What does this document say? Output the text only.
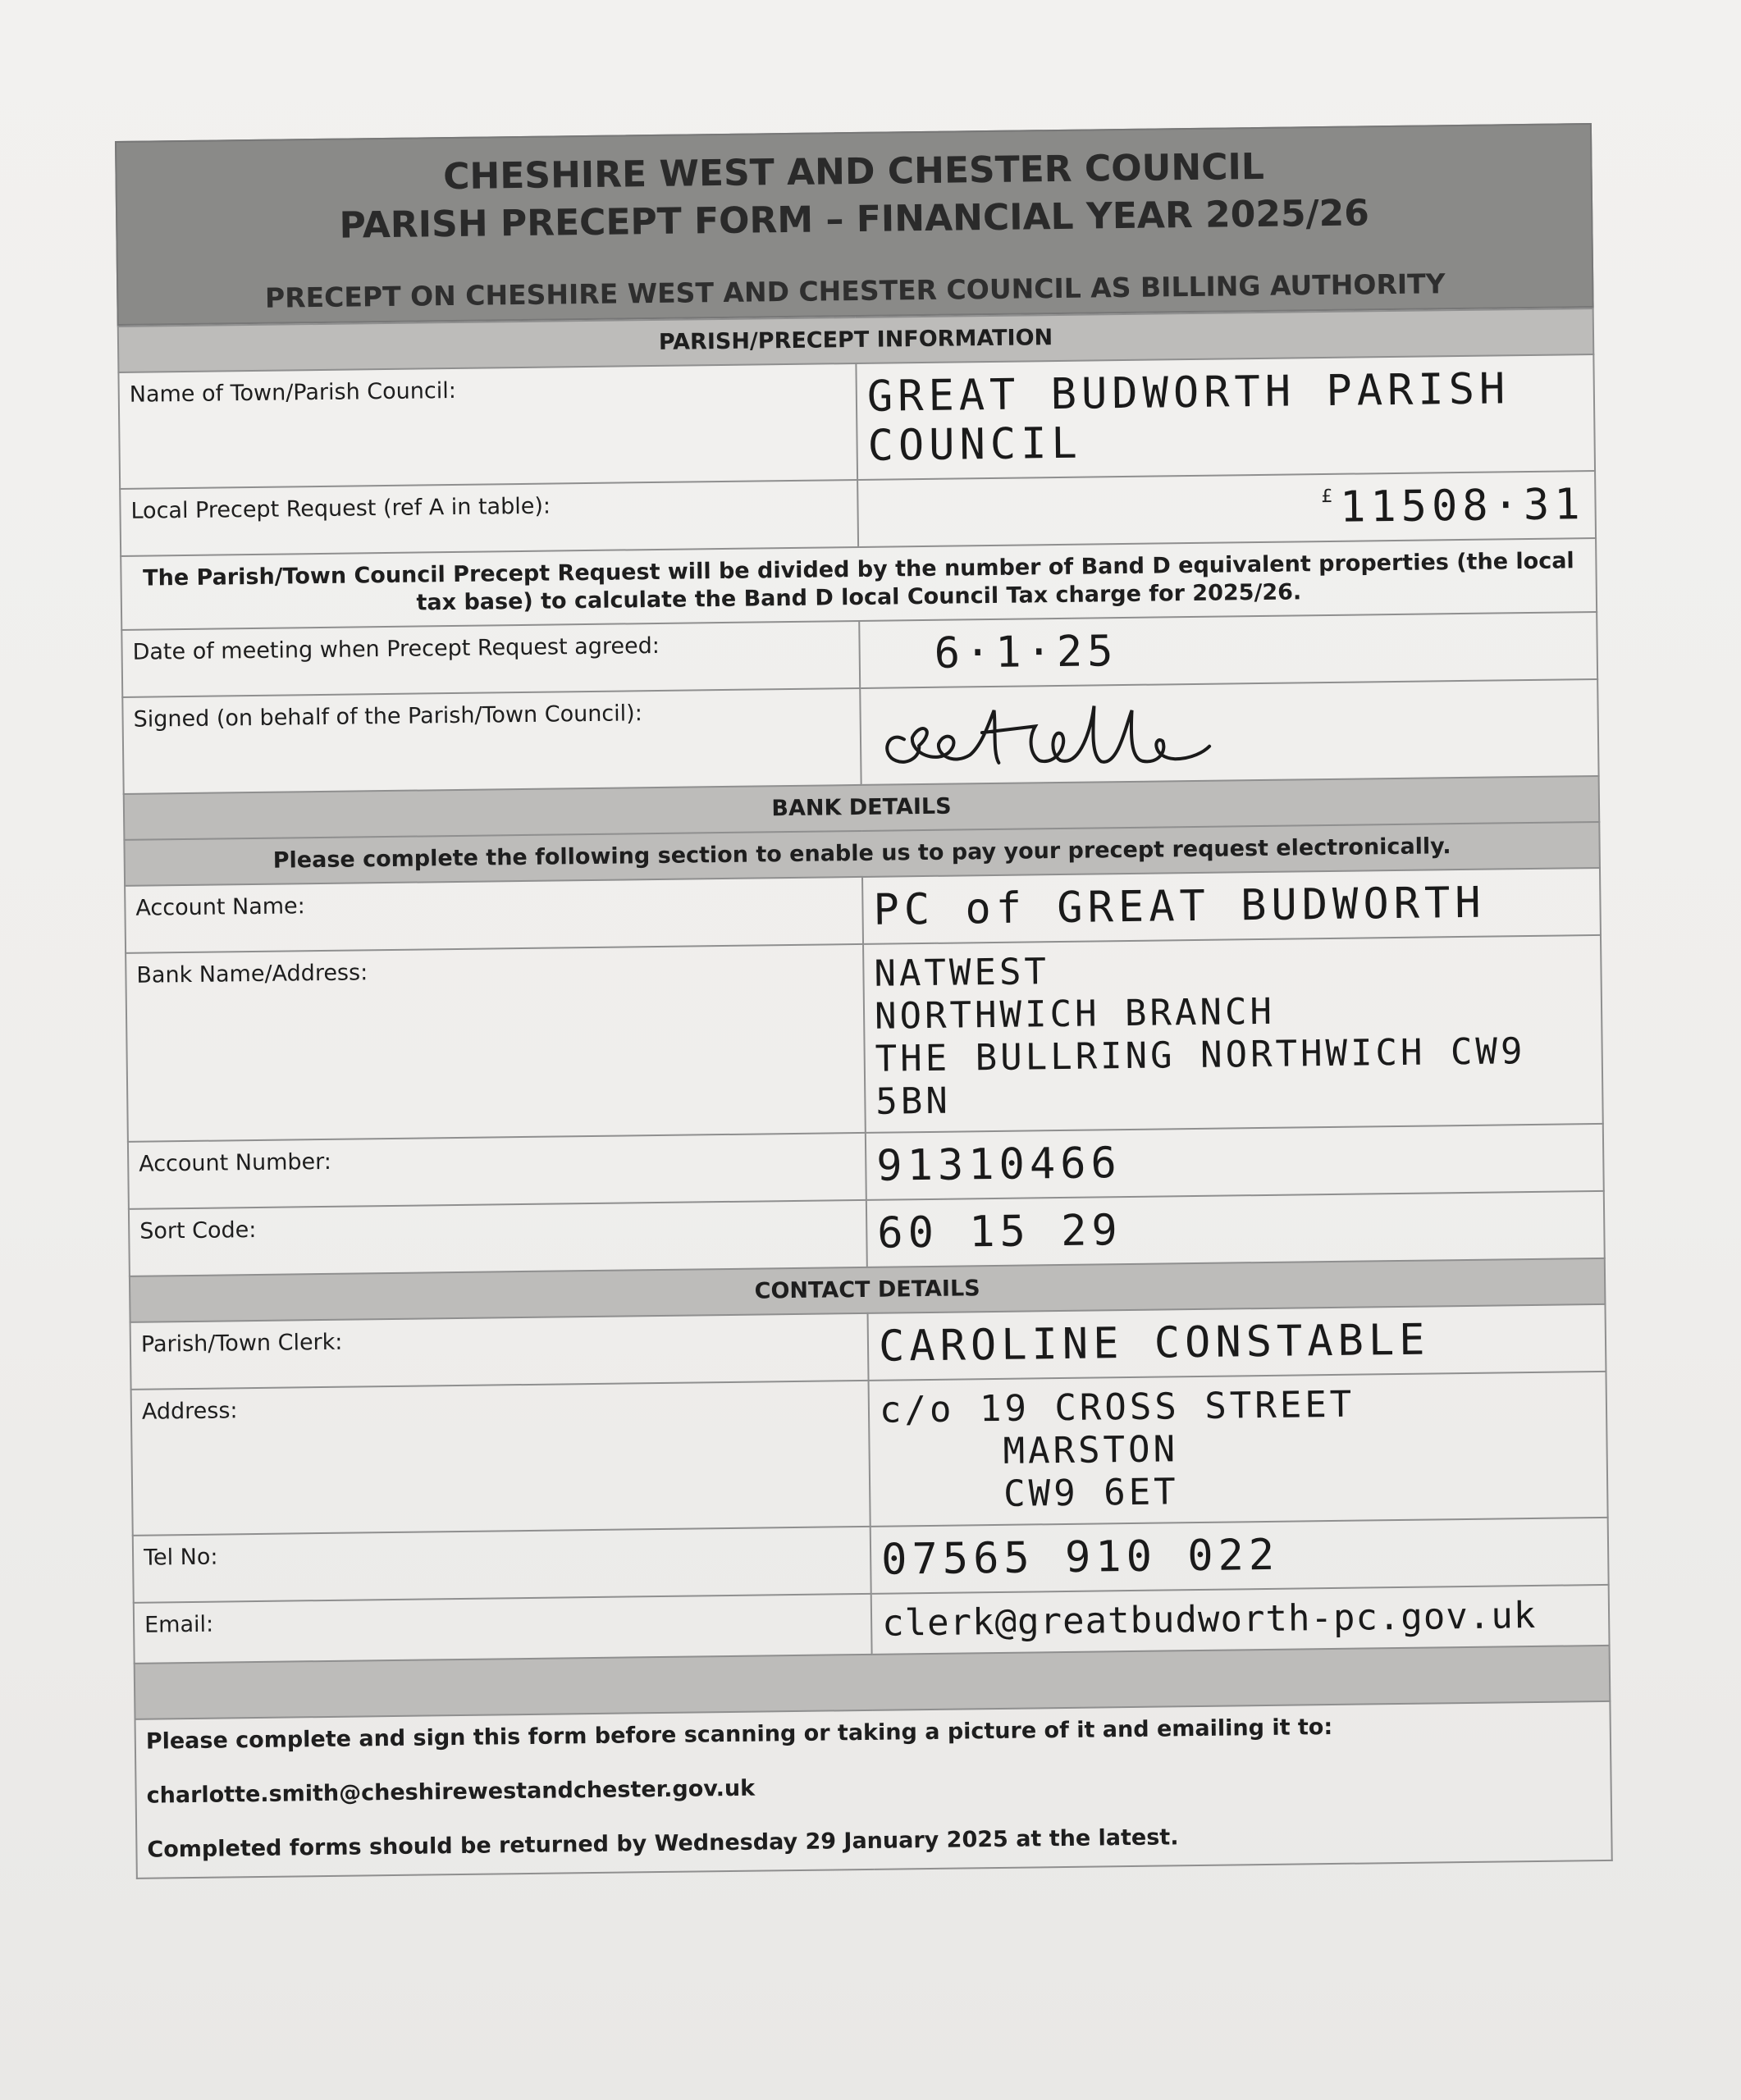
CHESHIRE WEST AND CHESTER COUNCIL
PARISH PRECEPT FORM – FINANCIAL YEAR 2025/26
PRECEPT ON CHESHIRE WEST AND CHESTER COUNCIL AS BILLING AUTHORITY
PARISH/PRECEPT INFORMATION	
Name of Town/Parish Council:	GREAT BUDWORTH PARISH COUNCIL
Local Precept Request (ref A in table):	£ 11508·31
The Parish/Town Council Precept Request will be divided by the number of Band D equivalent properties (the local tax base) to calculate the Band D local Council Tax charge for 2025/26.	
Date of meeting when Precept Request agreed:	6·1·25
Signed (on behalf of the Parish/Town Council):	

BANK DETAILS	
Please complete the following section to enable us to pay your precept request electronically.	
Account Name:	PC of GREAT BUDWORTH
Bank Name/Address:	NATWEST
NORTHWICH BRANCH
THE BULLRING NORTHWICH CW9 5BN

Account Number:	91310466
Sort Code:	60 15 29
CONTACT DETAILS	
Parish/Town Clerk:	CAROLINE CONSTABLE
Address:	c/o 19 CROSS STREET
MARSTON
CW9 6ET

Tel No:	07565 910 022
Email:	clerk@greatbudworth-pc.gov.uk

Please complete and sign this form before scanning or taking a picture of it and emailing it to:

charlotte.smith@cheshirewestandchester.gov.uk

Completed forms should be returned by Wednesday 29 January 2025 at the latest.	
